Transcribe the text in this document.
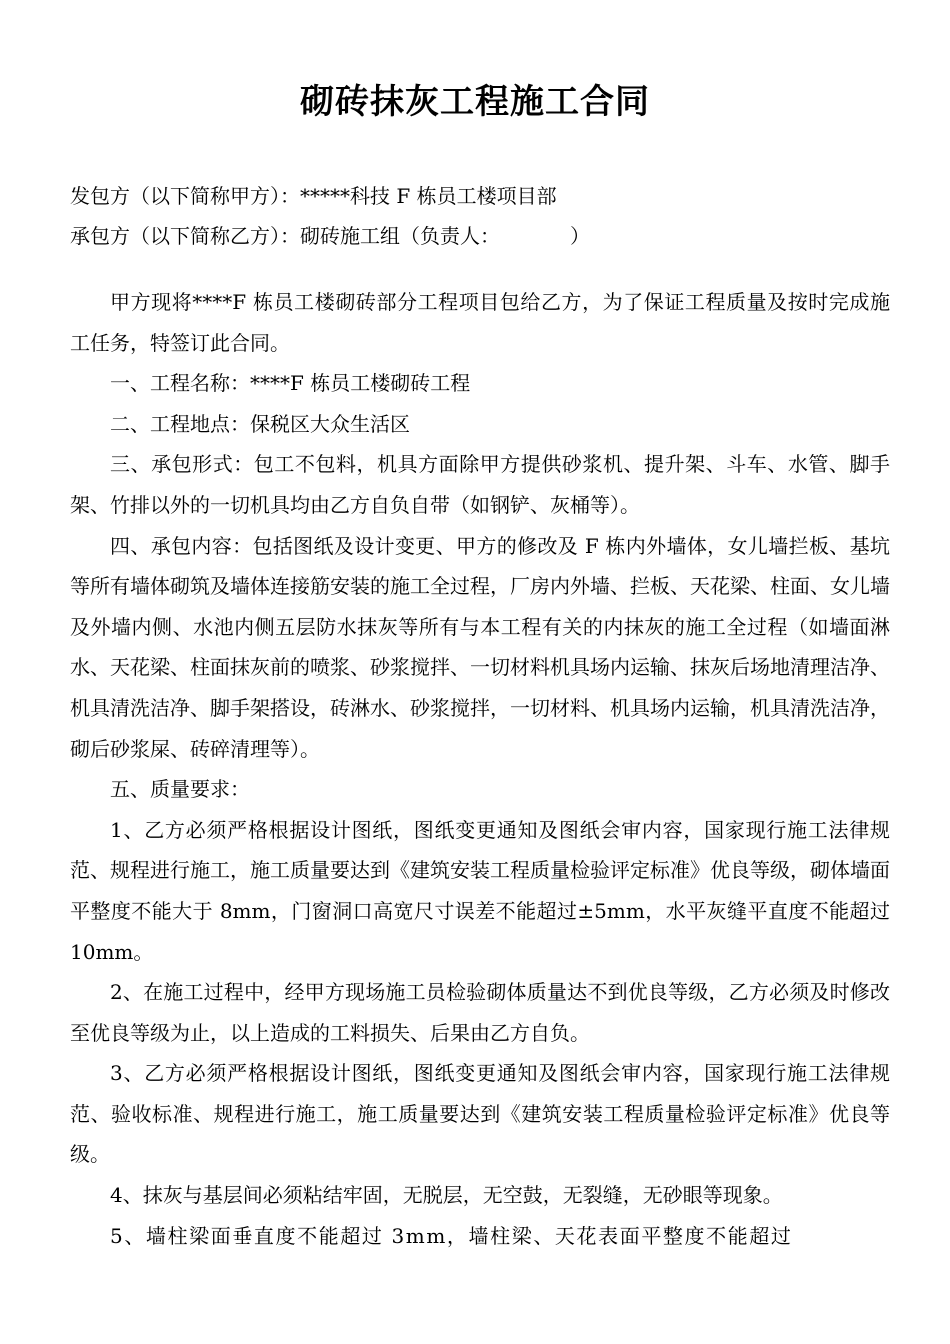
砌砖抹灰工程施工合同
发包方（以下简称甲方）：*****科技 F 栋员工楼项目部
承包方（以下简称乙方）：砌砖施工组（负责人：　　　　）

甲方现将****F 栋员工楼砌砖部分工程项目包给乙方，为了保证工程质量及按时完成施工任务，特签订此合同。

一、工程名称：****F 栋员工楼砌砖工程

二、工程地点：保税区大众生活区

三、承包形式：包工不包料，机具方面除甲方提供砂浆机、提升架、斗车、水管、脚手架、竹排以外的一切机具均由乙方自负自带（如钢铲、灰桶等）。

四、承包内容：包括图纸及设计变更、甲方的修改及 F 栋内外墙体，女儿墙拦板、基坑等所有墙体砌筑及墙体连接筋安装的施工全过程，厂房内外墙、拦板、天花梁、柱面、女儿墙及外墙内侧、水池内侧五层防水抹灰等所有与本工程有关的内抹灰的施工全过程（如墙面淋水、天花梁、柱面抹灰前的喷浆、砂浆搅拌、一切材料机具场内运输、抹灰后场地清理洁净、机具清洗洁净、脚手架搭设，砖淋水、砂浆搅拌，一切材料、机具场内运输，机具清洗洁净，砌后砂浆屎、砖碎清理等）。

五、质量要求：

1、乙方必须严格根据设计图纸，图纸变更通知及图纸会审内容，国家现行施工法律规范、规程进行施工，施工质量要达到《建筑安装工程质量检验评定标准》优良等级，砌体墙面平整度不能大于 8mm，门窗洞口高宽尺寸误差不能超过±5mm，水平灰缝平直度不能超过 10mm。

2、在施工过程中，经甲方现场施工员检验砌体质量达不到优良等级，乙方必须及时修改至优良等级为止，以上造成的工料损失、后果由乙方自负。

3、乙方必须严格根据设计图纸，图纸变更通知及图纸会审内容，国家现行施工法律规范、验收标准、规程进行施工，施工质量要达到《建筑安装工程质量检验评定标准》优良等级。

4、抹灰与基层间必须粘结牢固，无脱层，无空鼓，无裂缝，无砂眼等现象。

5、墙柱梁面垂直度不能超过 3mm，墙柱梁、天花表面平整度不能超过
